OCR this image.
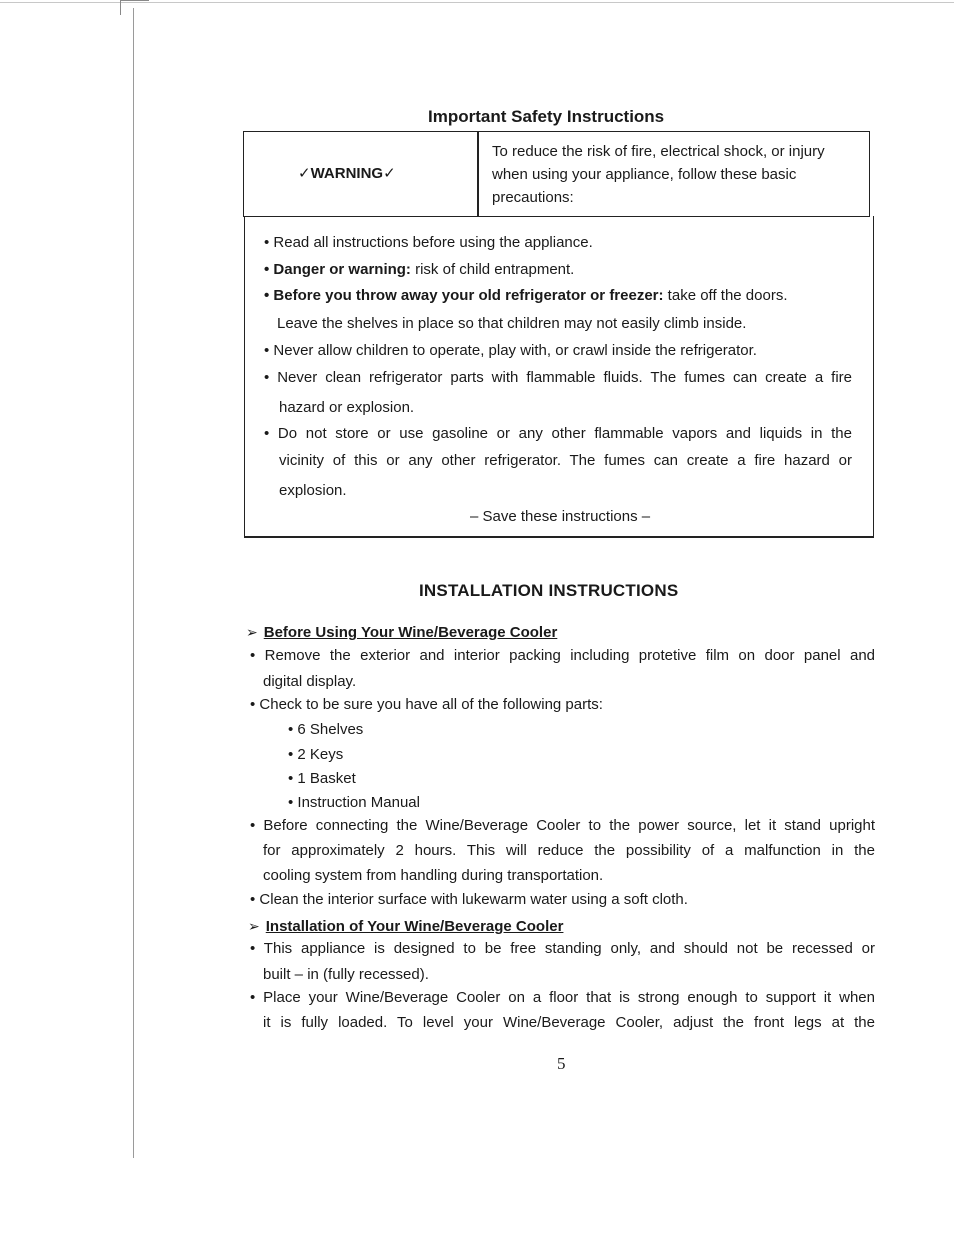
Important Safety Instructions
✓WARNING✓
To reduce the risk of fire, electrical shock, or injury when using your appliance, follow these basic precautions:
• Read all instructions before using the appliance.
• Danger or warning: risk of child entrapment.
• Before you throw away your old refrigerator or freezer: take off the doors.
Leave the shelves in place so that children may not easily climb inside.
• Never allow children to operate, play with, or crawl inside the refrigerator.
• Never clean refrigerator parts with flammable fluids. The fumes can create a fire
hazard or explosion.
• Do not store or use gasoline or any other flammable vapors and liquids in the
vicinity of this or any other refrigerator. The fumes can create a fire hazard or
explosion.
– Save these instructions –
INSTALLATION INSTRUCTIONS
➢ Before Using Your Wine/Beverage Cooler
• Remove the exterior and interior packing including protetive film on door panel and
digital display.
• Check to be sure you have all of the following parts:
• 6 Shelves
• 2 Keys
• 1 Basket
• Instruction Manual
• Before connecting the Wine/Beverage Cooler to the power source, let it stand upright
for approximately 2 hours. This will reduce the possibility of a malfunction in the
cooling system from handling during transportation.
• Clean the interior surface with lukewarm water using a soft cloth.
➢ Installation of Your Wine/Beverage Cooler
• This appliance is designed to be free standing only, and should not be recessed or
built – in (fully recessed).
• Place your Wine/Beverage Cooler on a floor that is strong enough to support it when
it is fully loaded. To level your Wine/Beverage Cooler, adjust the front legs at the
5
